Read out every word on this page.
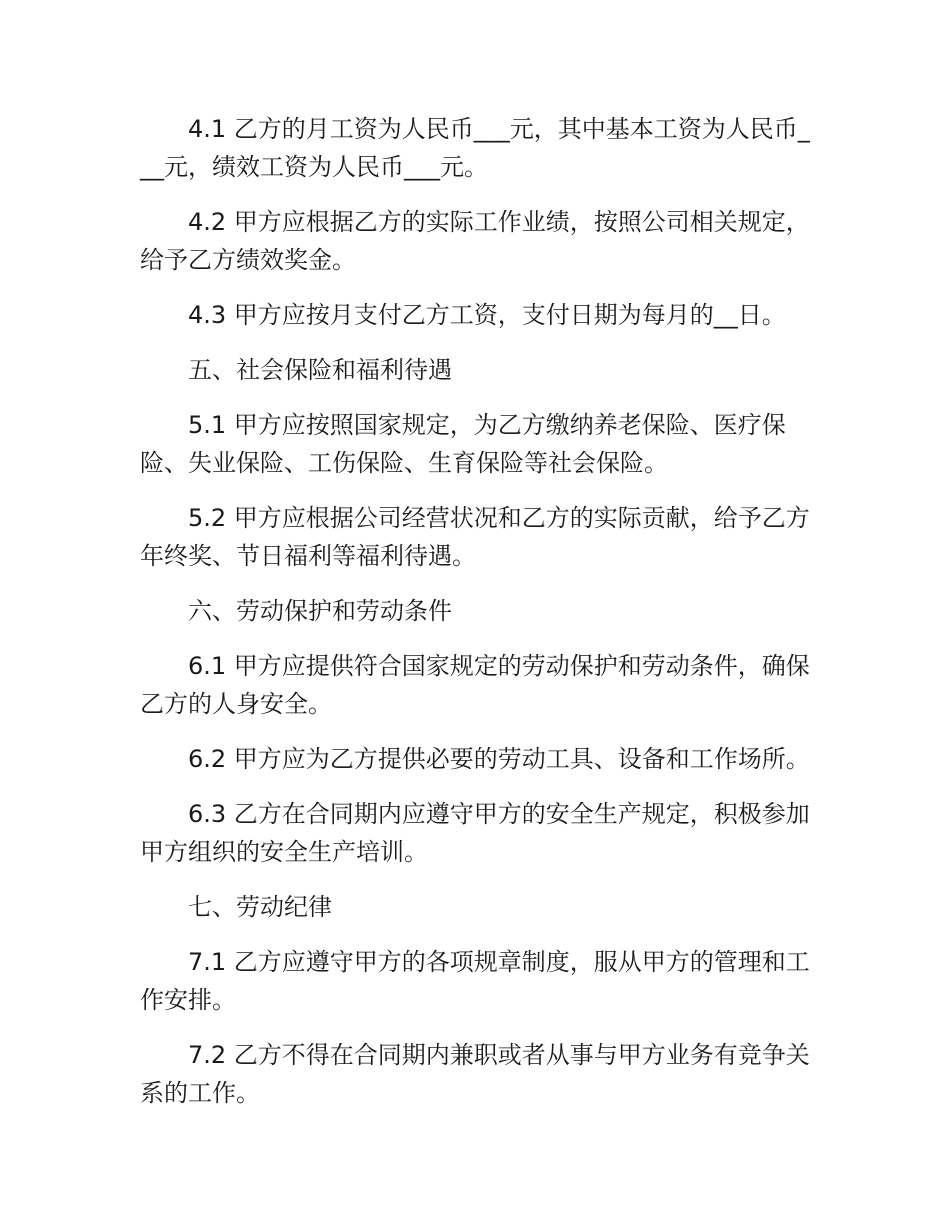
4.1 乙方的月工资为人民币___元，其中基本工资为人民币___元，绩效工资为人民币___元。

4.2 甲方应根据乙方的实际工作业绩，按照公司相关规定，给予乙方绩效奖金。

4.3 甲方应按月支付乙方工资，支付日期为每月的__日。

五、社会保险和福利待遇

5.1 甲方应按照国家规定，为乙方缴纳养老保险、医疗保险、失业保险、工伤保险、生育保险等社会保险。

5.2 甲方应根据公司经营状况和乙方的实际贡献，给予乙方年终奖、节日福利等福利待遇。

六、劳动保护和劳动条件

6.1 甲方应提供符合国家规定的劳动保护和劳动条件，确保乙方的人身安全。

6.2 甲方应为乙方提供必要的劳动工具、设备和工作场所。

6.3 乙方在合同期内应遵守甲方的安全生产规定，积极参加甲方组织的安全生产培训。

七、劳动纪律

7.1 乙方应遵守甲方的各项规章制度，服从甲方的管理和工作安排。

7.2 乙方不得在合同期内兼职或者从事与甲方业务有竞争关系的工作。
